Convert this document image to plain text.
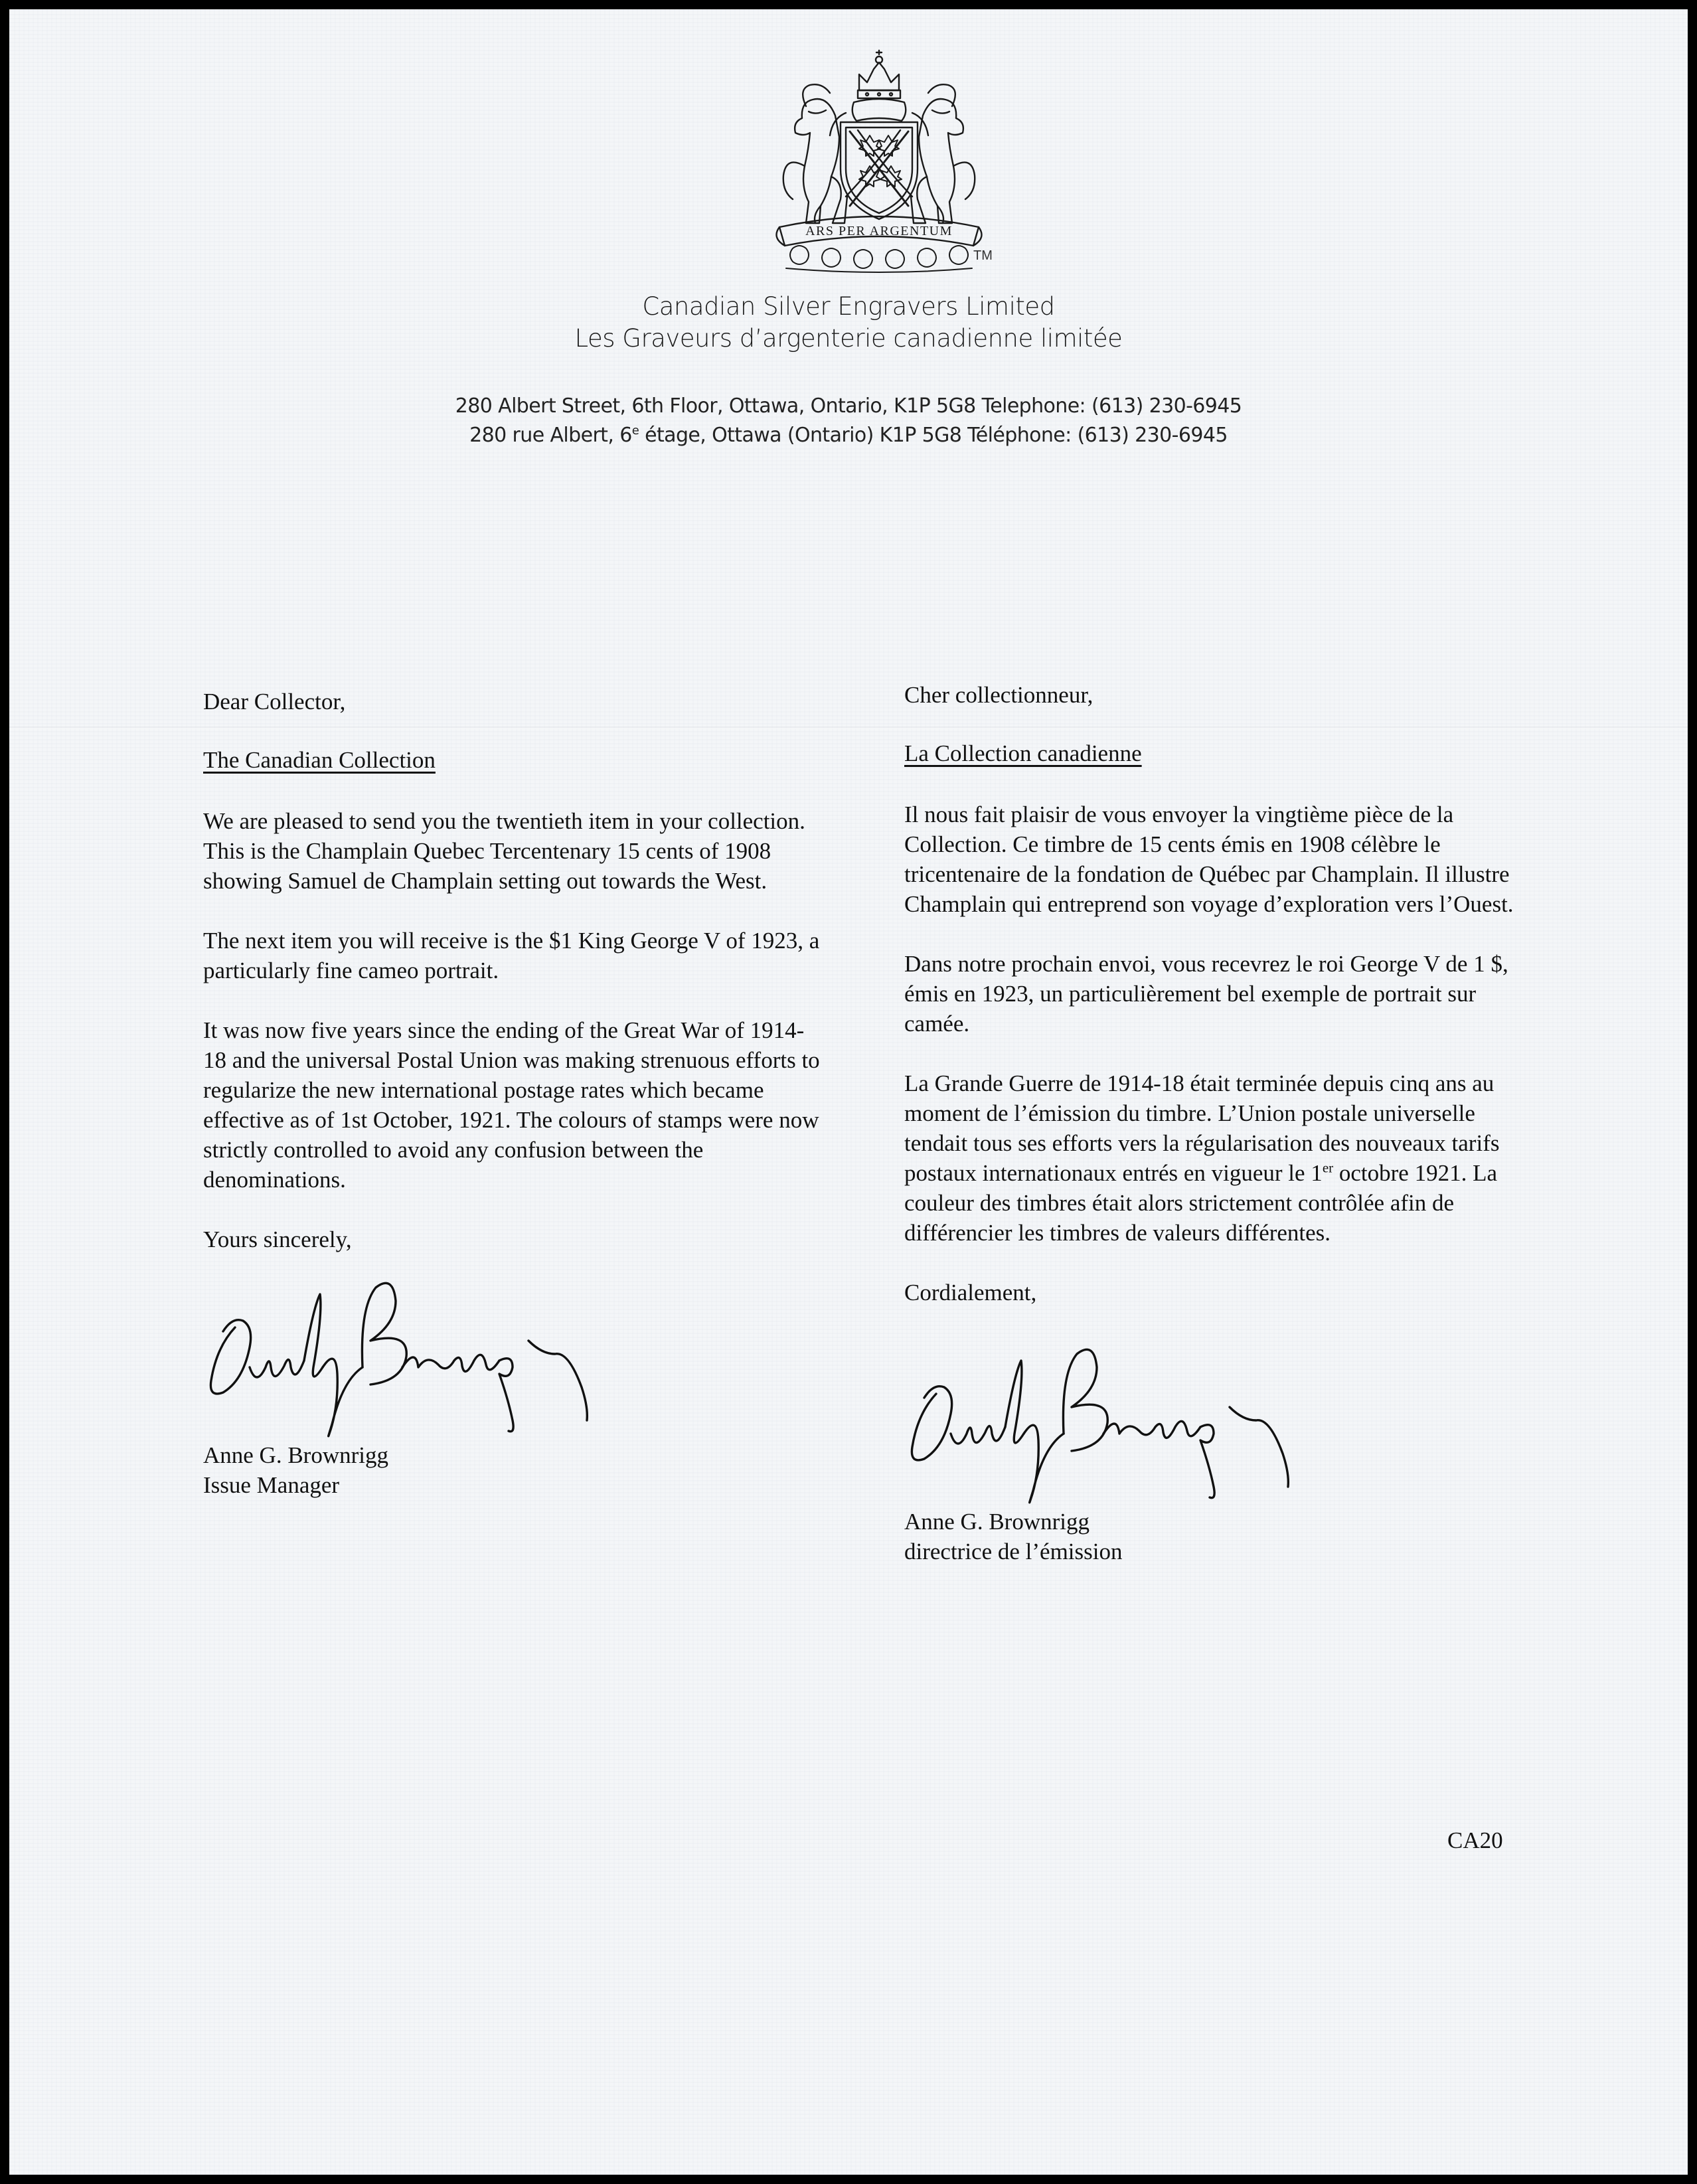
ARS PER ARGENTUM
TM
Canadian Silver Engravers Limited
Les Graveurs d’argenterie canadienne limitée
280 Albert Street, 6th Floor, Ottawa, Ontario, K1P 5G8 Telephone: (613) 230-6945
280 rue Albert, 6e étage, Ottawa (Ontario) K1P 5G8 Téléphone: (613) 230-6945

Dear Collector,

The Canadian Collection

We are pleased to send you the twentieth item in your collection. This is the Champlain Quebec Tercentenary 15 cents of 1908 showing Samuel de Champlain setting out towards the West.

The next item you will receive is the $1 King George V of 1923, a particularly fine cameo portrait.

It was now five years since the ending of the Great War of 1914-18 and the universal Postal Union was making strenuous efforts to regularize the new international postage rates which became effective as of 1st October, 1921. The colours of stamps were now strictly controlled to avoid any confusion between the denominations.

Yours sincerely,

Anne G. Brownrigg

Issue Manager

Cher collectionneur,

La Collection canadienne

Il nous fait plaisir de vous envoyer la vingtième pièce de la Collection. Ce timbre de 15 cents émis en 1908 célèbre le tricentenaire de la fondation de Québec par Champlain. Il illustre Champlain qui entreprend son voyage d’exploration vers l’Ouest.

Dans notre prochain envoi, vous recevrez le roi George V de 1 $, émis en 1923, un particulièrement bel exemple de portrait sur camée.

La Grande Guerre de 1914-18 était terminée depuis cinq ans au moment de l’émission du timbre. L’Union postale universelle tendait tous ses efforts vers la régularisation des nouveaux tarifs postaux internationaux entrés en vigueur le 1er octobre 1921. La couleur des timbres était alors strictement contrôlée afin de différencier les timbres de valeurs différentes.

Cordialement,

Anne G. Brownrigg

directrice de l’émission

CA20
